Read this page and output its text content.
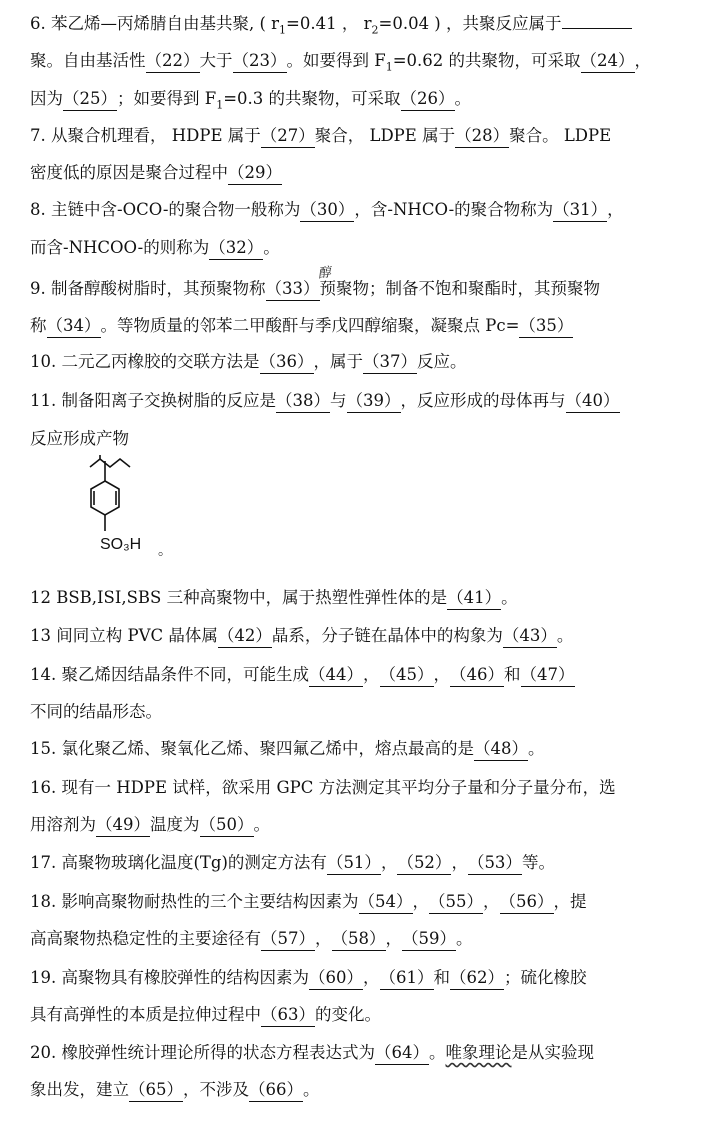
6. 苯乙烯—丙烯腈自由基共聚, ( $r_1=0.41$ ， $r_2=0.04$ ) ，共聚反应属于
聚。自由基活性（22）大于（23）。如要得到 $F_1=0.62$ 的共聚物，可采取（24），
因为（25）；如要得到 $F_1=0.3$ 的共聚物，可采取（26）。
7. 从聚合机理看， HDPE 属于（27）聚合， LDPE 属于（28）聚合。 LDPE
密度低的原因是聚合过程中（29）
8. 主链中含-OCO-的聚合物一般称为（30），含-NHCO-的聚合物称为（31），
而含-NHCOO-的则称为（32）。
醇
9. 制备醇酸树脂时，其预聚物称（33）预聚物；制备不饱和聚酯时，其预聚物
称（34）。等物质量的邻苯二甲酸酐与季戊四醇缩聚，凝聚点 Pc=（35）
10. 二元乙丙橡胶的交联方法是（36），属于（37）反应。
11. 制备阳离子交换树脂的反应是（38）与（39），反应形成的母体再与（40）
反应形成产物
SO₃H 。
12 BSB,ISI,SBS 三种高聚物中，属于热塑性弹性体的是（41）。
13 间同立构 PVC 晶体属（42）晶系，分子链在晶体中的构象为（43）。
14. 聚乙烯因结晶条件不同，可能生成（44），（45），（46）和（47）
不同的结晶形态。
15. 氯化聚乙烯、聚氧化乙烯、聚四氟乙烯中，熔点最高的是（48）。
16. 现有一 HDPE 试样，欲采用 GPC 方法测定其平均分子量和分子量分布，选
用溶剂为（49）温度为（50）。
17. 高聚物玻璃化温度(Tg)的测定方法有（51），（52），（53）等。
18. 影响高聚物耐热性的三个主要结构因素为（54），（55），（56），提
高高聚物热稳定性的主要途径有（57），（58），（59）。
19. 高聚物具有橡胶弹性的结构因素为（60），（61）和（62）；硫化橡胶
具有高弹性的本质是拉伸过程中（63）的变化。
20. 橡胶弹性统计理论所得的状态方程表达式为（64）。唯象理论是从实验现
象出发，建立（65），不涉及（66）。
